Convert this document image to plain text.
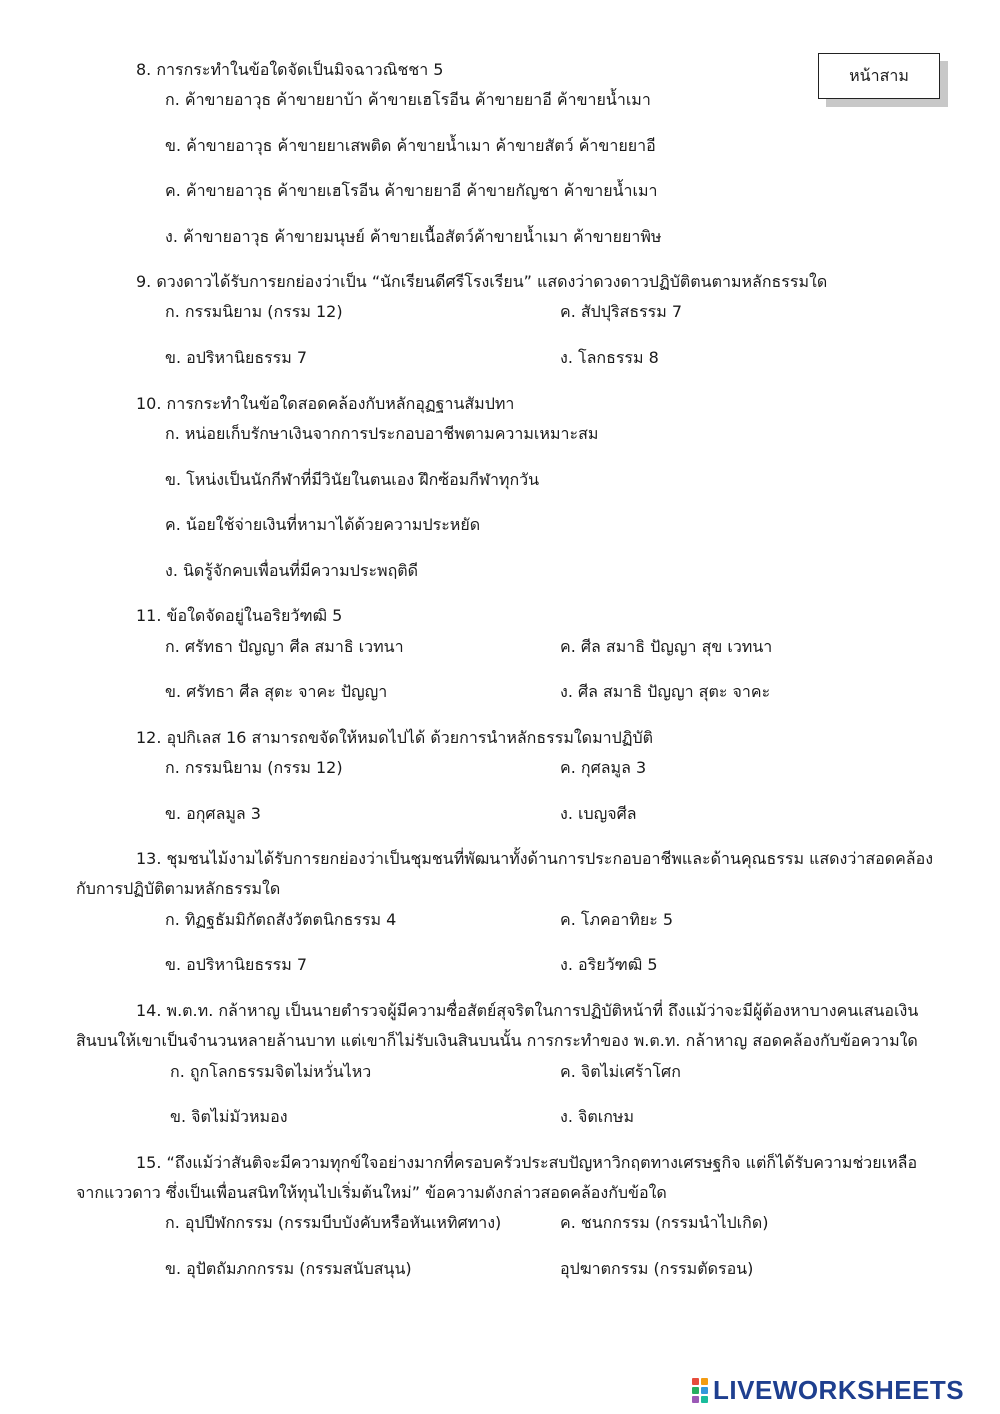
หน้าสาม
8. การกระทำในข้อใดจัดเป็นมิจฉาวณิชชา 5
ก. ค้าขายอาวุธ ค้าขายยาบ้า ค้าขายเฮโรอีน ค้าขายยาอี ค้าขายน้ำเมา
ข. ค้าขายอาวุธ ค้าขายยาเสพติด ค้าขายน้ำเมา ค้าขายสัตว์ ค้าขายยาอี
ค. ค้าขายอาวุธ ค้าขายเฮโรอีน ค้าขายยาอี ค้าขายกัญชา ค้าขายน้ำเมา
ง. ค้าขายอาวุธ ค้าขายมนุษย์ ค้าขายเนื้อสัตว์ค้าขายน้ำเมา ค้าขายยาพิษ
9. ดวงดาวได้รับการยกย่องว่าเป็น “นักเรียนดีศรีโรงเรียน” แสดงว่าดวงดาวปฏิบัติตนตามหลักธรรมใด
ก. กรรมนิยาม (กรรม 12)	ค. สัปปุริสธรรม 7
ข. อปริหานิยธรรม 7	ง. โลกธรรม 8
10. การกระทำในข้อใดสอดคล้องกับหลักอุฏฐานสัมปทา
ก. หน่อยเก็บรักษาเงินจากการประกอบอาชีพตามความเหมาะสม
ข. โหน่งเป็นนักกีฬาที่มีวินัยในตนเอง ฝึกซ้อมกีฬาทุกวัน
ค. น้อยใช้จ่ายเงินที่หามาได้ด้วยความประหยัด
ง. นิดรู้จักคบเพื่อนที่มีความประพฤติดี
11. ข้อใดจัดอยู่ในอริยวัฑฒิ 5
ก. ศรัทธา ปัญญา ศีล สมาธิ เวทนา	ค. ศีล สมาธิ ปัญญา สุข เวทนา
ข. ศรัทธา ศีล สุตะ จาคะ ปัญญา	ง. ศีล สมาธิ ปัญญา สุตะ จาคะ
12. อุปกิเลส 16 สามารถขจัดให้หมดไปได้ ด้วยการนำหลักธรรมใดมาปฏิบัติ
ก. กรรมนิยาม (กรรม 12)	ค. กุศลมูล 3
ข. อกุศลมูล 3	ง. เบญจศีล
13. ชุมชนไม้งามได้รับการยกย่องว่าเป็นชุมชนที่พัฒนาทั้งด้านการประกอบอาชีพและด้านคุณธรรม แสดงว่าสอดคล้อง
กับการปฏิบัติตามหลักธรรมใด
ก. ทิฏฐธัมมิกัตถสังวัตตนิกธรรม 4	ค. โภคอาทิยะ 5
ข. อปริหานิยธรรม 7	ง. อริยวัฑฒิ 5
14. พ.ต.ท. กล้าหาญ เป็นนายตำรวจผู้มีความซื่อสัตย์สุจริตในการปฏิบัติหน้าที่ ถึงแม้ว่าจะมีผู้ต้องหาบางคนเสนอเงิน
สินบนให้เขาเป็นจำนวนหลายล้านบาท แต่เขาก็ไม่รับเงินสินบนนั้น การกระทำของ พ.ต.ท. กล้าหาญ สอดคล้องกับข้อความใด
ก. ถูกโลกธรรมจิตไม่หวั่นไหว	ค. จิตไม่เศร้าโศก
ข. จิตไม่มัวหมอง	ง. จิตเกษม
15. “ถึงแม้ว่าสันติจะมีความทุกข์ใจอย่างมากที่ครอบครัวประสบปัญหาวิกฤตทางเศรษฐกิจ แต่ก็ได้รับความช่วยเหลือ
จากแววดาว ซึ่งเป็นเพื่อนสนิทให้ทุนไปเริ่มต้นใหม่” ข้อความดังกล่าวสอดคล้องกับข้อใด
ก. อุปปีฬกกรรม (กรรมบีบบังคับหรือหันเหทิศทาง)	ค. ชนกกรรม (กรรมนำไปเกิด)
ข. อุปัตถัมภกกรรม (กรรมสนับสนุน)	อุปฆาตกรรม (กรรมตัดรอน)
LIVEWORKSHEETS
